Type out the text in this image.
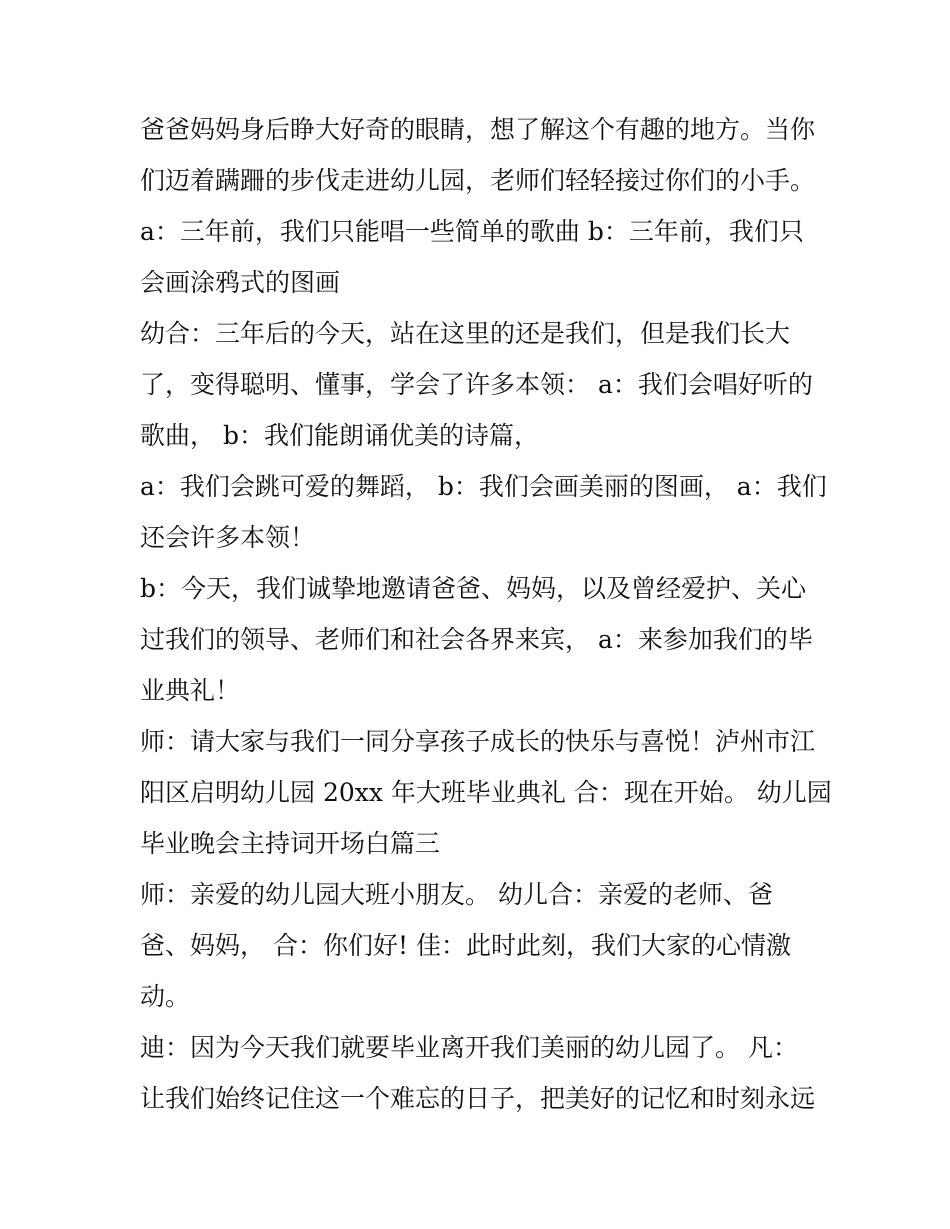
爸爸妈妈身后睁大好奇的眼睛，想了解这个有趣的地方。当你
们迈着蹒跚的步伐走进幼儿园，老师们轻轻接过你们的小手。
a：三年前，我们只能唱一些简单的歌曲 b：三年前，我们只
会画涂鸦式的图画
幼合：三年后的今天，站在这里的还是我们，但是我们长大
了，变得聪明、懂事，学会了许多本领： a：我们会唱好听的
歌曲， b：我们能朗诵优美的诗篇，
a：我们会跳可爱的舞蹈， b：我们会画美丽的图画， a：我们
还会许多本领！
b：今天，我们诚挚地邀请爸爸、妈妈，以及曾经爱护、关心
过我们的领导、老师们和社会各界来宾， a：来参加我们的毕
业典礼！
师：请大家与我们一同分享孩子成长的快乐与喜悦！泸州市江
阳区启明幼儿园 20xx 年大班毕业典礼 合：现在开始。 幼儿园
毕业晚会主持词开场白篇三
师：亲爱的幼儿园大班小朋友。 幼儿合：亲爱的老师、爸
爸、妈妈， 合：你们好! 佳：此时此刻，我们大家的心情激
动。
迪：因为今天我们就要毕业离开我们美丽的幼儿园了。 凡：
让我们始终记住这一个难忘的日子，把美好的记忆和时刻永远
